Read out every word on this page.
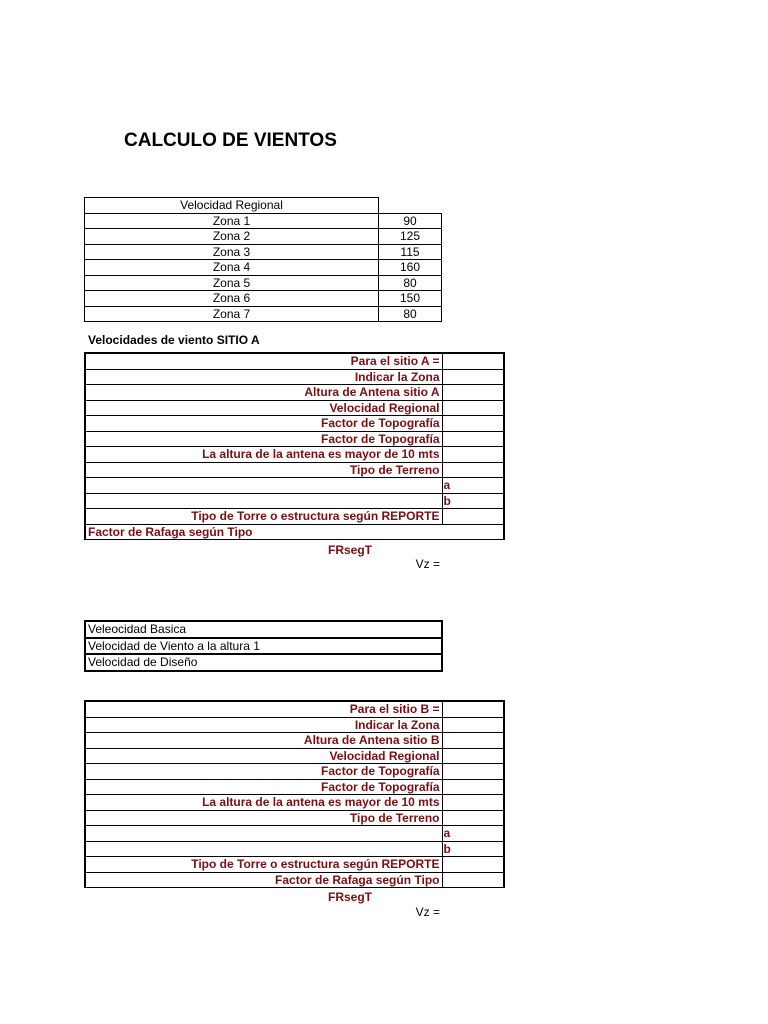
CALCULO DE VIENTOS
Velocidad Regional	
Zona 1	90
Zona 2	125
Zona 3	115
Zona 4	160
Zona 5	80
Zona 6	150
Zona 7	80
Velocidades de viento SITIO A
Para el sitio A =	
Indicar la Zona	
Altura de Antena sitio A	
Velocidad Regional	
Factor de Topografía	
Factor de Topografía	
La altura de la antena es mayor de 10 mts	
Tipo de Terreno	
	a
	b
Tipo de Torre o estructura según REPORTE	
Factor de Rafaga según Tipo	
FRsegT
Vz =
Veleocidad Basica
Velocidad de Viento a la altura 1
Velocidad de Diseño
Para el sitio B =	
Indicar la Zona	
Altura de Antena sitio B	
Velocidad Regional	
Factor de Topografía	
Factor de Topografía	
La altura de la antena es mayor de 10 mts	
Tipo de Terreno	
	a
	b
Tipo de Torre o estructura según REPORTE	
Factor de Rafaga según Tipo	
FRsegT
Vz =
